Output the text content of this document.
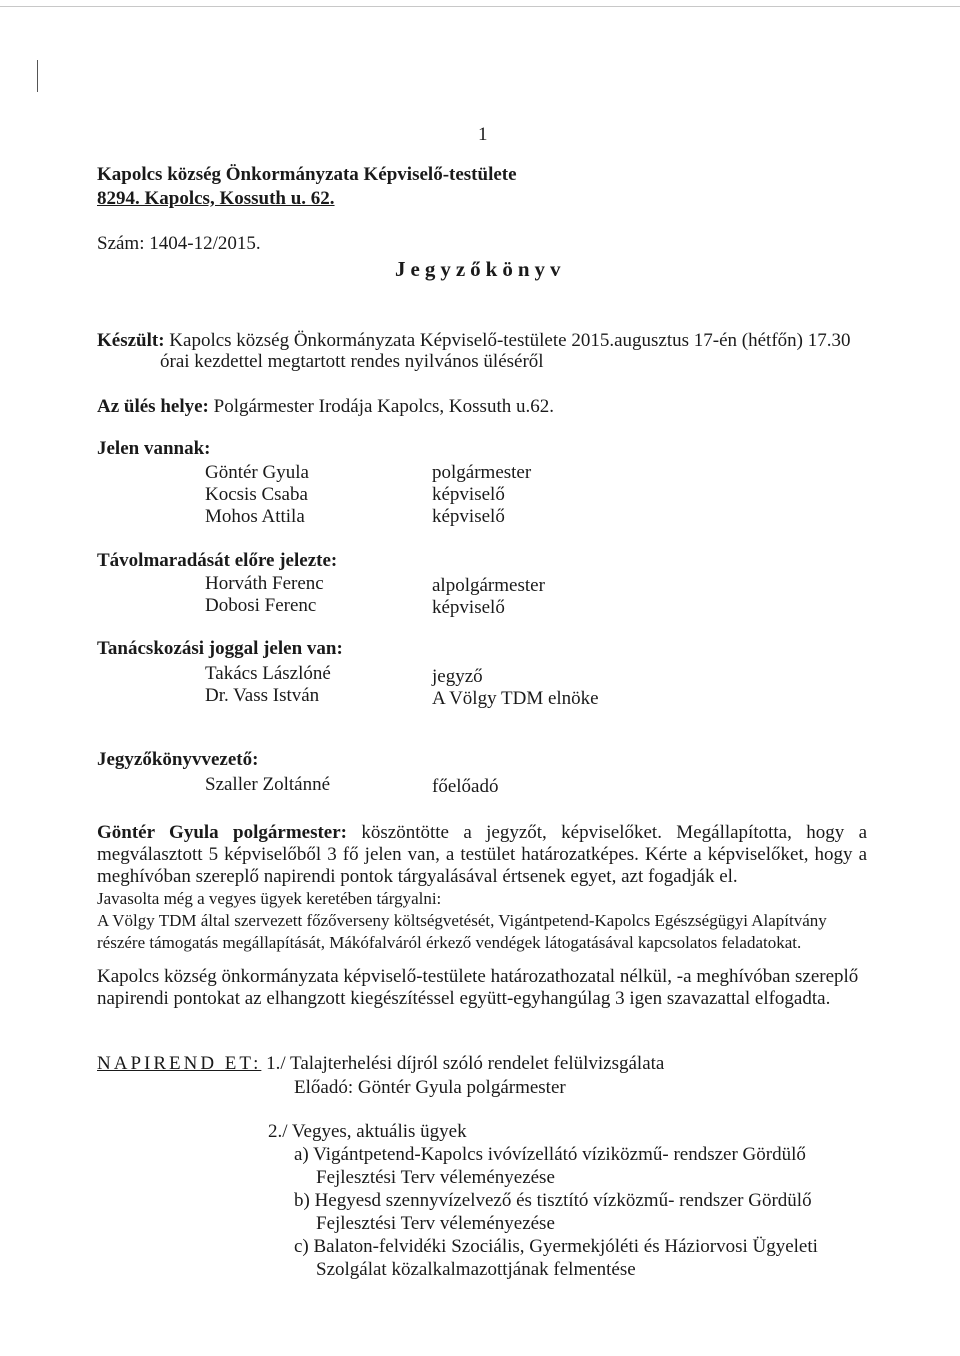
1
Kapolcs község Önkormányzata Képviselő-testülete
8294. Kapolcs, Kossuth u. 62.
Szám: 1404-12/2015.
Jegyzőkönyv
Készült: Kapolcs község Önkormányzata Képviselő-testülete 2015.augusztus 17-én (hétfőn) 17.30
órai kezdettel megtartott rendes nyilvános üléséről
Az ülés helye: Polgármester Irodája Kapolcs, Kossuth u.62.
Jelen vannak:
Göntér Gyula	polgármester
Kocsis Csaba	képviselő
Mohos Attila	képviselő
Távolmaradását előre jelezte:
Horváth Ferenc	alpolgármester
Dobosi Ferenc	képviselő
Tanácskozási joggal jelen van:
Takács Lászlóné	jegyző
Dr. Vass István	A Völgy TDM elnöke
Jegyzőkönyvvezető:
Szaller Zoltánné	főelőadó
Göntér Gyula polgármester: köszöntötte a jegyzőt, képviselőket. Megállapította, hogy a
megválasztott 5 képviselőből 3 fő jelen van, a testület határozatképes. Kérte a képviselőket, hogy a
meghívóban szereplő napirendi pontok tárgyalásával értsenek egyet, azt fogadják el.
Javasolta még a vegyes ügyek keretében tárgyalni:
A Völgy TDM által szervezett főzőverseny költségvetését, Vigántpetend-Kapolcs Egészségügyi Alapítvány
részére támogatás megállapítását, Mákófalváról érkező vendégek látogatásával kapcsolatos feladatokat.
Kapolcs község önkormányzata képviselő-testülete határozathozatal nélkül, -a meghívóban szereplő
napirendi pontokat az elhangzott kiegészítéssel együtt-egyhangúlag 3 igen szavazattal elfogadta.
NAPIREND ET: 1./ Talajterhelési díjról szóló rendelet felülvizsgálata
Előadó: Göntér Gyula polgármester
2./ Vegyes, aktuális ügyek
a) Vigántpetend-Kapolcs ivóvízellátó víziközmű- rendszer Gördülő
Fejlesztési Terv véleményezése
b) Hegyesd szennyvízelvező és tisztító vízközmű- rendszer Gördülő
Fejlesztési Terv véleményezése
c) Balaton-felvidéki Szociális, Gyermekjóléti és Háziorvosi Ügyeleti
Szolgálat közalkalmazottjának felmentése
